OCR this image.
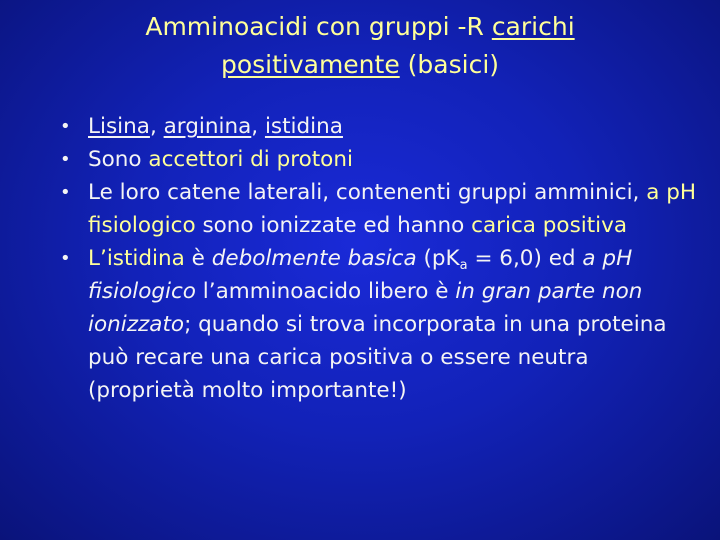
Amminoacidi con gruppi -R carichi positivamente (basici)
• Lisina, arginina, istidina
• Sono accettori di protoni
• Le loro catene laterali, contenenti gruppi amminici, a pH fisiologico sono ionizzate ed hanno carica positiva
• L’istidina è debolmente basica $(pK_a = 6,0)$ ed a pH fisiologico l’amminoacido libero è in gran parte non ionizzato; quando si trova incorporata in una proteina può recare una carica positiva o essere neutra (proprietà molto importante!)
